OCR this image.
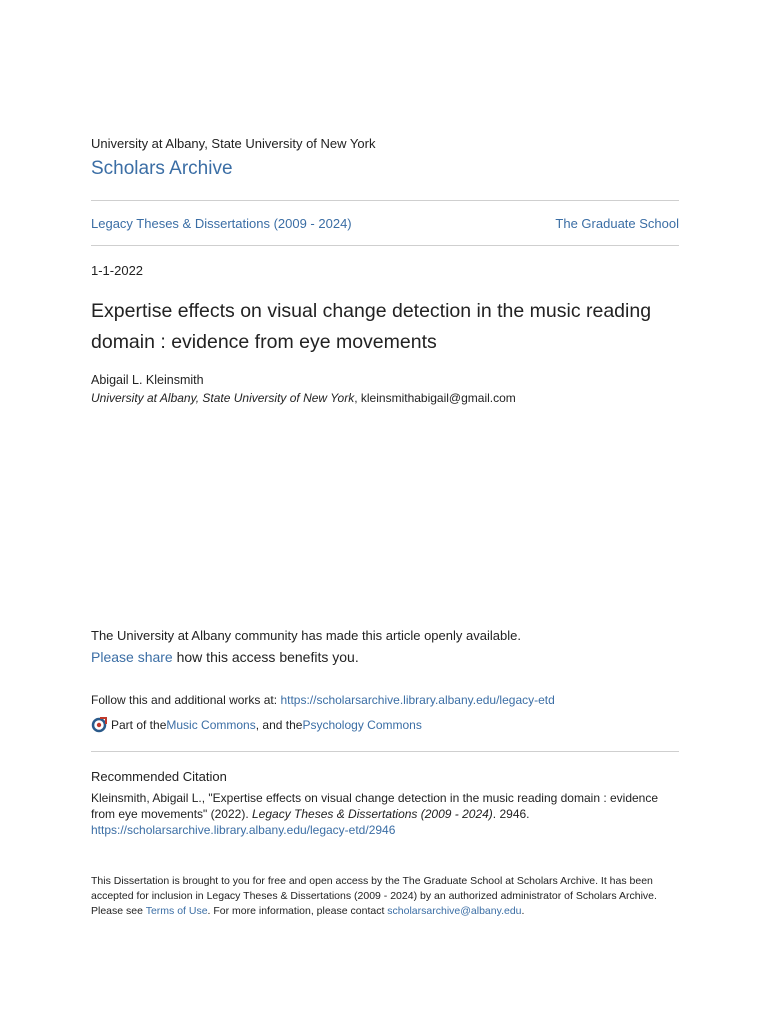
University at Albany, State University of New York
Scholars Archive
Legacy Theses & Dissertations (2009 - 2024)	The Graduate School
1-1-2022
Expertise effects on visual change detection in the music reading domain : evidence from eye movements
Abigail L. Kleinsmith
University at Albany, State University of New York, kleinsmithabigail@gmail.com
The University at Albany community has made this article openly available.
Please share how this access benefits you.
Follow this and additional works at: https://scholarsarchive.library.albany.edu/legacy-etd
Part of the Music Commons , and the Psychology Commons
Recommended Citation
Kleinsmith, Abigail L., "Expertise effects on visual change detection in the music reading domain : evidence from eye movements" (2022). Legacy Theses & Dissertations (2009 - 2024). 2946.
https://scholarsarchive.library.albany.edu/legacy-etd/2946
This Dissertation is brought to you for free and open access by the The Graduate School at Scholars Archive. It has been accepted for inclusion in Legacy Theses & Dissertations (2009 - 2024) by an authorized administrator of Scholars Archive.
Please see Terms of Use. For more information, please contact scholarsarchive@albany.edu.
